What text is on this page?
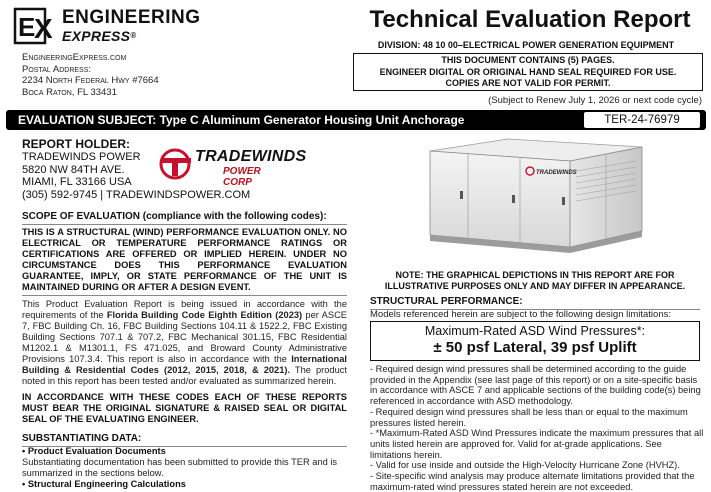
E
X ENGINEERING
EXPRESS®
EngineeringExpress.com
Postal Address:
2234 North Federal Hwy #7664
Boca Raton, FL 33431
Technical Evaluation Report
DIVISION: 48 10 00–ELECTRICAL POWER GENERATION EQUIPMENT
THIS DOCUMENT CONTAINS (5) PAGES.
ENGINEER DIGITAL OR ORIGINAL HAND SEAL REQUIRED FOR USE.
COPIES ARE NOT VALID FOR PERMIT.
(Subject to Renew July 1, 2026 or next code cycle)
EVALUATION SUBJECT: Type C Aluminum Generator Housing Unit Anchorage	TER-24-76979
REPORT HOLDER:
TRADEWINDS POWER
5820 NW 84TH AVE.
MIAMI, FL 33166 USA
(305) 592-9745 | TRADEWINDSPOWER.COM
TRADEWINDS
POWER CORP
SCOPE OF EVALUATION (compliance with the following codes):
THIS IS A STRUCTURAL (WIND) PERFORMANCE EVALUATION ONLY. NO ELECTRICAL OR TEMPERATURE PERFORMANCE RATINGS OR CERTIFICATIONS ARE OFFERED OR IMPLIED HEREIN. UNDER NO CIRCUMSTANCE DOES THIS PERFORMANCE EVALUATION GUARANTEE, IMPLY, OR STATE PERFORMANCE OF THE UNIT IS MAINTAINED DURING OR AFTER A DESIGN EVENT.
This Product Evaluation Report is being issued in accordance with the requirements of the Florida Building Code Eighth Edition (2023) per ASCE 7, FBC Building Ch. 16, FBC Building Sections 104.11 & 1522.2, FBC Existing Building Sections 707.1 & 707.2, FBC Mechanical 301.15, FBC Residential M1202.1 & M1301.1, FS 471.025, and Broward County Administrative Provisions 107.3.4. This report is also in accordance with the International Building & Residential Codes (2012, 2015, 2018, & 2021). The product noted in this report has been tested and/or evaluated as summarized herein.
IN ACCORDANCE WITH THESE CODES EACH OF THESE REPORTS MUST BEAR THE ORIGINAL SIGNATURE & RAISED SEAL OR DIGITAL SEAL OF THE EVALUATING ENGINEER.
SUBSTANTIATING DATA:
• Product Evaluation Documents
Substantiating documentation has been submitted to provide this TER and is summarized in the sections below.
• Structural Engineering Calculations
TRADEWINDS
NOTE: THE GRAPHICAL DEPICTIONS IN THIS REPORT ARE FOR ILLUSTRATIVE PURPOSES ONLY AND MAY DIFFER IN APPEARANCE.
STRUCTURAL PERFORMANCE:
Models referenced herein are subject to the following design limitations:
Maximum-Rated ASD Wind Pressures*:
± 50 psf Lateral, 39 psf Uplift
- Required design wind pressures shall be determined according to the guide provided in the Appendix (see last page of this report) or on a site-specific basis in accordance with ASCE 7 and applicable sections of the building code(s) being referenced in accordance with ASD methodology.
- Required design wind pressures shall be less than or equal to the maximum pressures listed herein.
- *Maximum-Rated ASD Wind Pressures indicate the maximum pressures that all units listed herein are approved for. Valid for at-grade applications. See limitations herein.
- Valid for use inside and outside the High-Velocity Hurricane Zone (HVHZ).
- Site-specific wind analysis may produce alternate limitations provided that the maximum-rated wind pressures stated herein are not exceeded.
